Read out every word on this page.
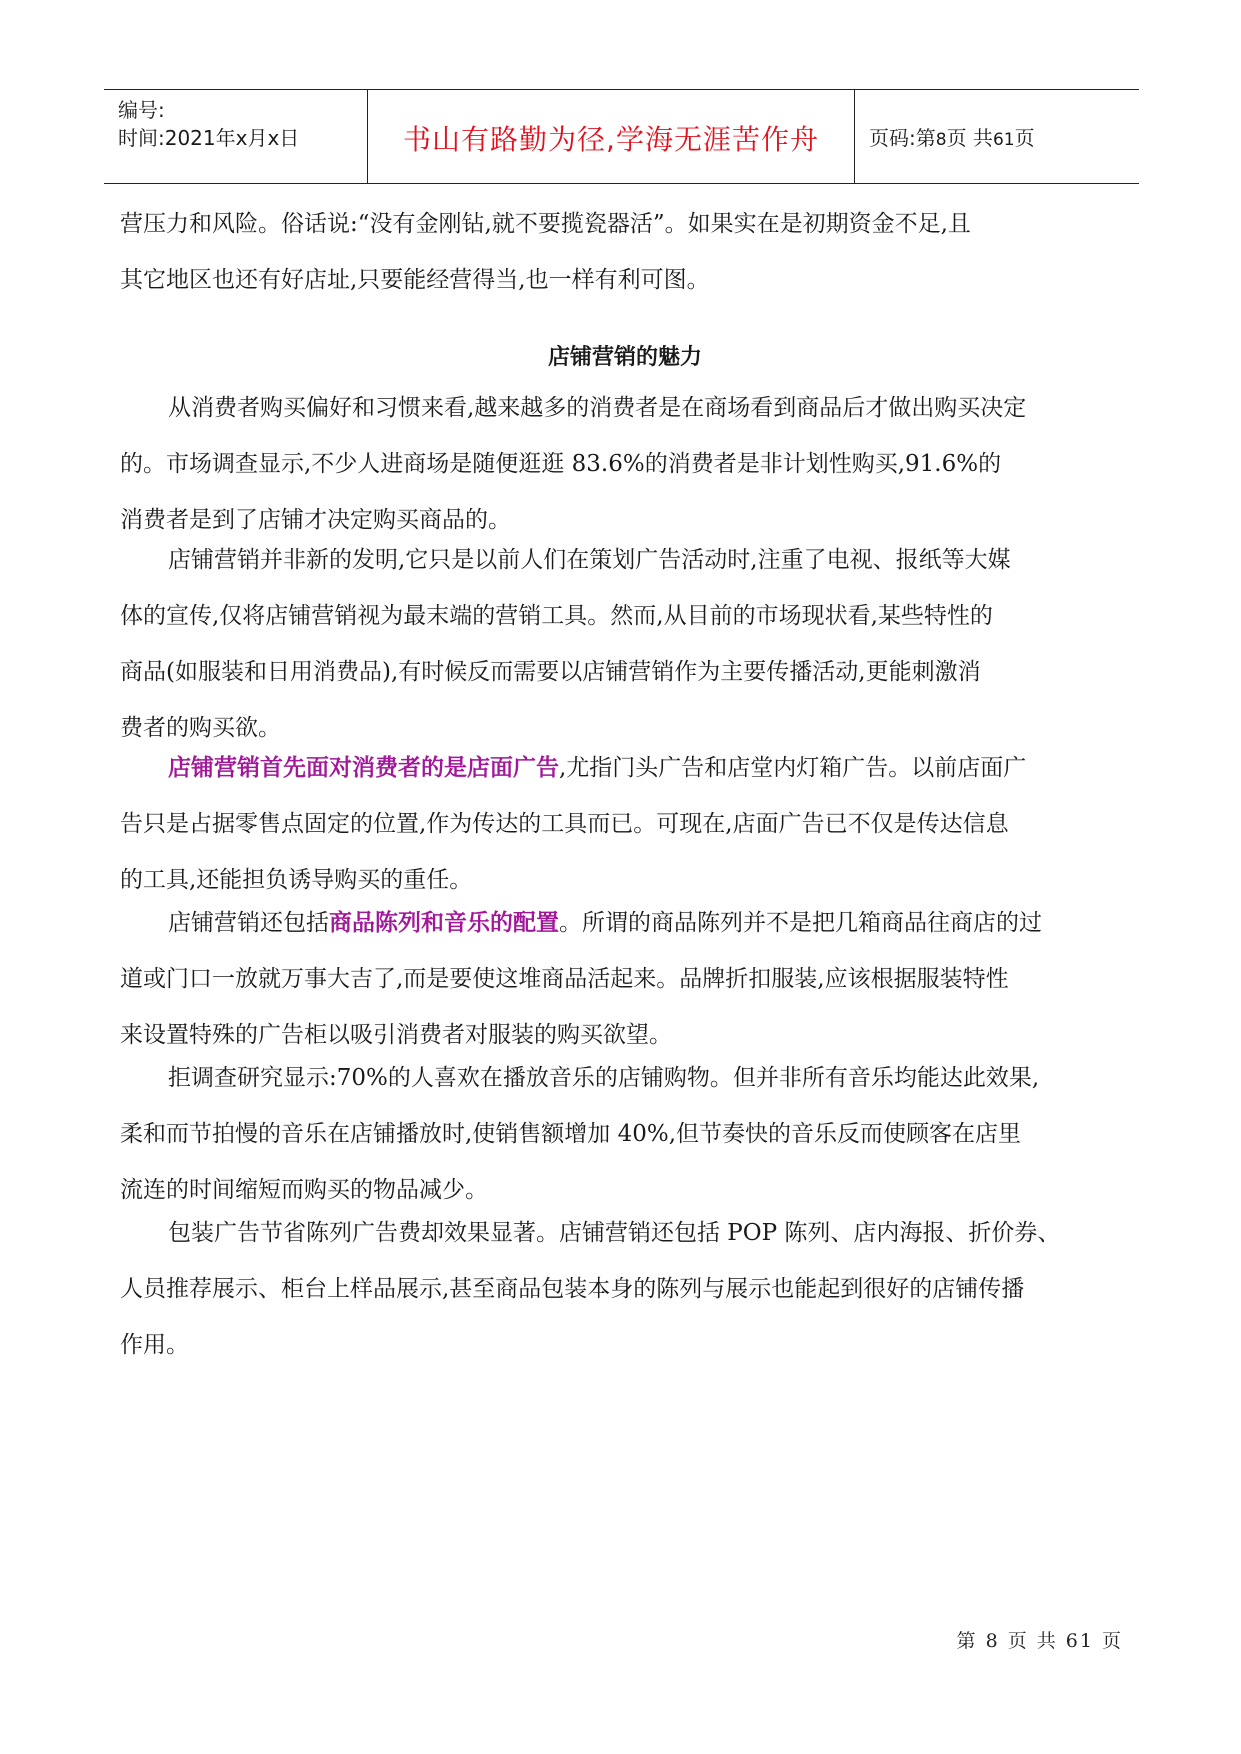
编号:
时间:2021年x月x日	书山有路勤为径,学海无涯苦作舟	页码:第8页 共61页
营压力和风险。俗话说:“没有金刚钻,就不要揽瓷器活”。如果实在是初期资金不足,且
其它地区也还有好店址,只要能经营得当,也一样有利可图。
店铺营销的魅力
从消费者购买偏好和习惯来看,越来越多的消费者是在商场看到商品后才做出购买决定
的。市场调查显示,不少人进商场是随便逛逛 83.6%的消费者是非计划性购买,91.6%的
消费者是到了店铺才决定购买商品的。
店铺营销并非新的发明,它只是以前人们在策划广告活动时,注重了电视、报纸等大媒
体的宣传,仅将店铺营销视为最末端的营销工具。然而,从目前的市场现状看,某些特性的
商品(如服装和日用消费品),有时候反而需要以店铺营销作为主要传播活动,更能刺激消
费者的购买欲。
店铺营销首先面对消费者的是店面广告,尤指门头广告和店堂内灯箱广告。以前店面广
告只是占据零售点固定的位置,作为传达的工具而已。可现在,店面广告已不仅是传达信息
的工具,还能担负诱导购买的重任。
店铺营销还包括商品陈列和音乐的配置。所谓的商品陈列并不是把几箱商品往商店的过
道或门口一放就万事大吉了,而是要使这堆商品活起来。品牌折扣服装,应该根据服装特性
来设置特殊的广告柜以吸引消费者对服装的购买欲望。
拒调查研究显示:70%的人喜欢在播放音乐的店铺购物。但并非所有音乐均能达此效果,
柔和而节拍慢的音乐在店铺播放时,使销售额增加 40%,但节奏快的音乐反而使顾客在店里
流连的时间缩短而购买的物品减少。
包装广告节省陈列广告费却效果显著。店铺营销还包括 POP 陈列、店内海报、折价券、
人员推荐展示、柜台上样品展示,甚至商品包装本身的陈列与展示也能起到很好的店铺传播
作用。
第 8 页 共 61 页
